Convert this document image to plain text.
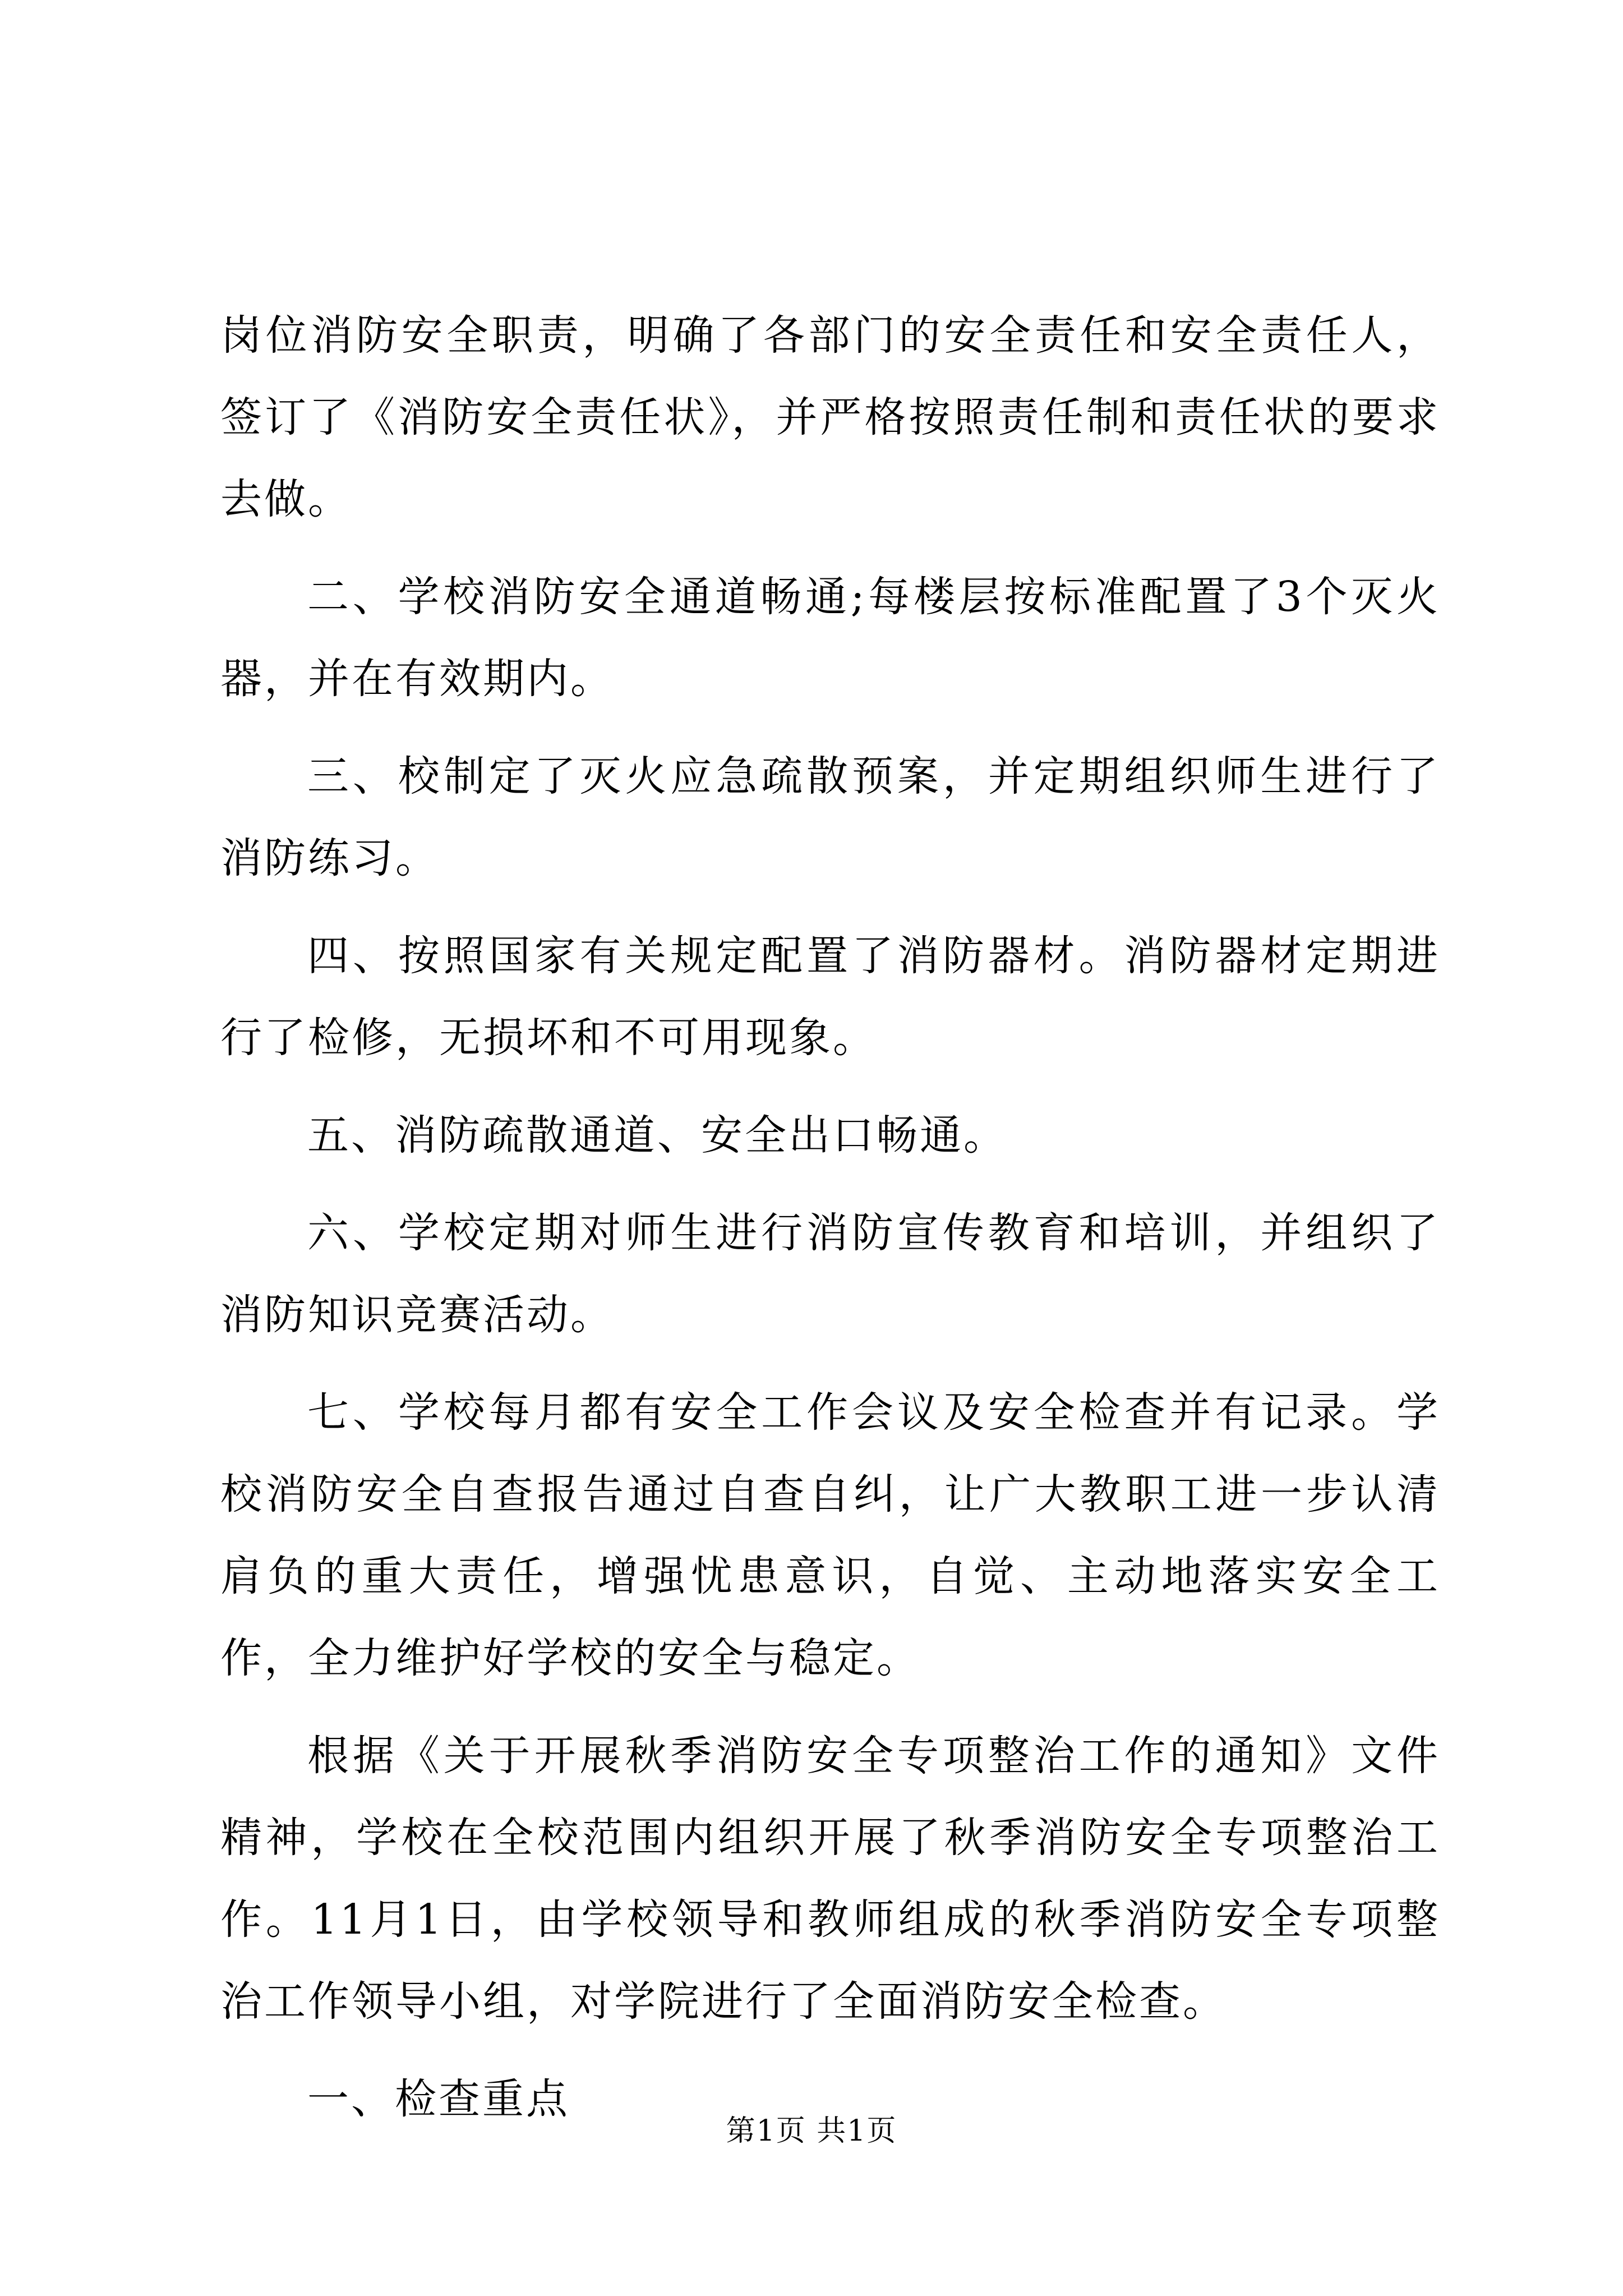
岗位消防安全职责，明确了各部门的安全责任和安全责任人，签订了《消防安全责任状》，并严格按照责任制和责任状的要求去做。

二、学校消防安全通道畅通;每楼层按标准配置了3个灭火器，并在有效期内。

三、校制定了灭火应急疏散预案，并定期组织师生进行了消防练习。

四、按照国家有关规定配置了消防器材。消防器材定期进行了检修，无损坏和不可用现象。

五、消防疏散通道、安全出口畅通。

六、学校定期对师生进行消防宣传教育和培训，并组织了消防知识竞赛活动。

七、学校每月都有安全工作会议及安全检查并有记录。学校消防安全自查报告通过自查自纠，让广大教职工进一步认清肩负的重大责任，增强忧患意识，自觉、主动地落实安全工作，全力维护好学校的安全与稳定。

根据《关于开展秋季消防安全专项整治工作的通知》文件精神，学校在全校范围内组织开展了秋季消防安全专项整治工作。11月1日，由学校领导和教师组成的秋季消防安全专项整治工作领导小组，对学院进行了全面消防安全检查。

一、检查重点

第1页 共1页
